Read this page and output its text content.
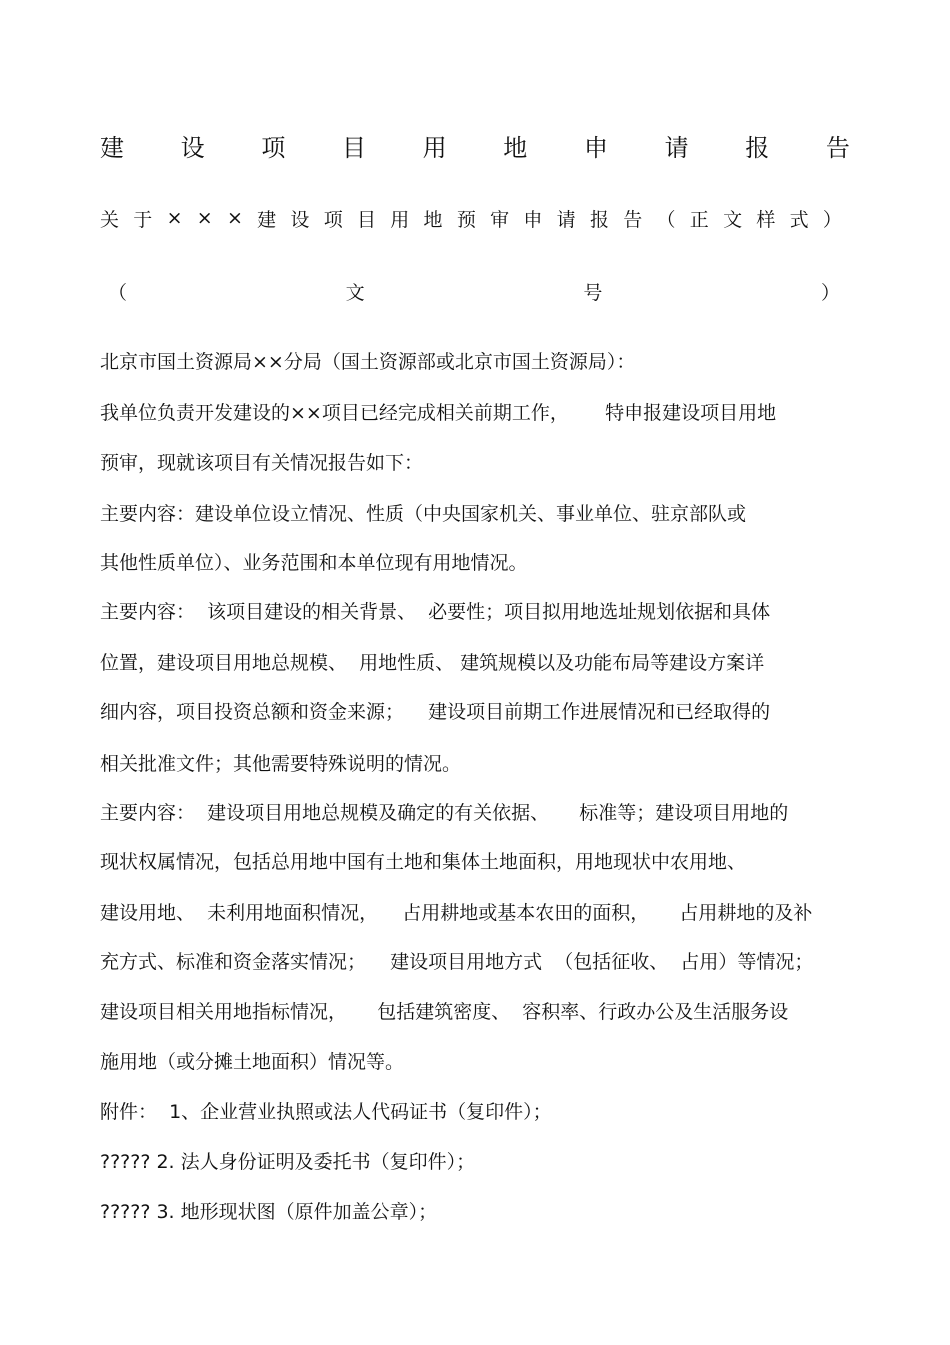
建 设 项 目 用 地 申 请 报 告
关 于 × × × 建 设 项 目 用 地 预 审 申 请 报 告 （ 正 文 样 式 ）
（	文	号	）
北京市国土资源局××分局（国土资源部或北京市国土资源局）：
我单位负责开发建设的××项目已经完成相关前期工作，      特申报建设项目用地
预审，现就该项目有关情况报告如下：
主要内容：建设单位设立情况、性质（中央国家机关、事业单位、驻京部队或
其他性质单位）、业务范围和本单位现有用地情况。
主要内容：  该项目建设的相关背景、  必要性；项目拟用地选址规划依据和具体
位置，建设项目用地总规模、  用地性质、 建筑规模以及功能布局等建设方案详
细内容，项目投资总额和资金来源；    建设项目前期工作进展情况和已经取得的
相关批准文件；其他需要特殊说明的情况。
主要内容：  建设项目用地总规模及确定的有关依据、     标准等；建设项目用地的
现状权属情况，包括总用地中国有土地和集体土地面积，用地现状中农用地、
建设用地、  未利用地面积情况，    占用耕地或基本农田的面积，     占用耕地的及补
充方式、标准和资金落实情况；    建设项目用地方式  （包括征收、  占用）等情况；
建设项目相关用地指标情况，     包括建筑密度、  容积率、行政办公及生活服务设
施用地（或分摊土地面积）情况等。
附件：  1、企业营业执照或法人代码证书（复印件）；
????? 2. 法人身份证明及委托书（复印件）；
????? 3. 地形现状图（原件加盖公章）；
